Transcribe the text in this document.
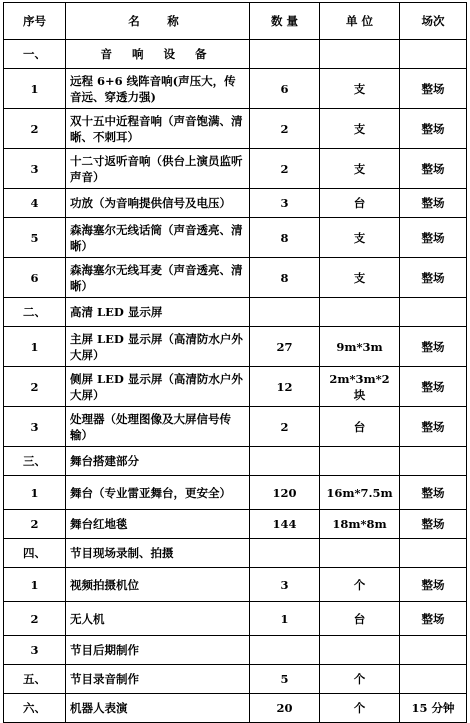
序号	名　称	数 量	单 位	场次
一、	音 响 设 备			
1	远程 6+6 线阵音响(声压大，传音远、穿透力强)	6	支	整场
2	双十五中近程音响（声音饱满、清晰、不刺耳）	2	支	整场
3	十二寸返听音响（供台上演员监听声音）	2	支	整场
4	功放（为音响提供信号及电压）	3	台	整场
5	森海塞尔无线话筒（声音透亮、清晰）	8	支	整场
6	森海塞尔无线耳麦（声音透亮、清晰）	8	支	整场
二、	高清 LED 显示屏			
1	主屏 LED 显示屏（高清防水户外大屏）	27	9m*3m	整场
2	侧屏 LED 显示屏（高清防水户外大屏）	12	2m*3m*2 块	整场
3	处理器（处理图像及大屏信号传输）	2	台	整场
三、	舞台搭建部分			
1	舞台（专业雷亚舞台，更安全）	120	16m*7.5m	整场
2	舞台红地毯	144	18m*8m	整场
四、	节目现场录制、拍摄			
1	视频拍摄机位	3	个	整场
2	无人机	1	台	整场
3	节目后期制作			
五、	节目录音制作	5	个	
六、	机器人表演	20	个	15 分钟
